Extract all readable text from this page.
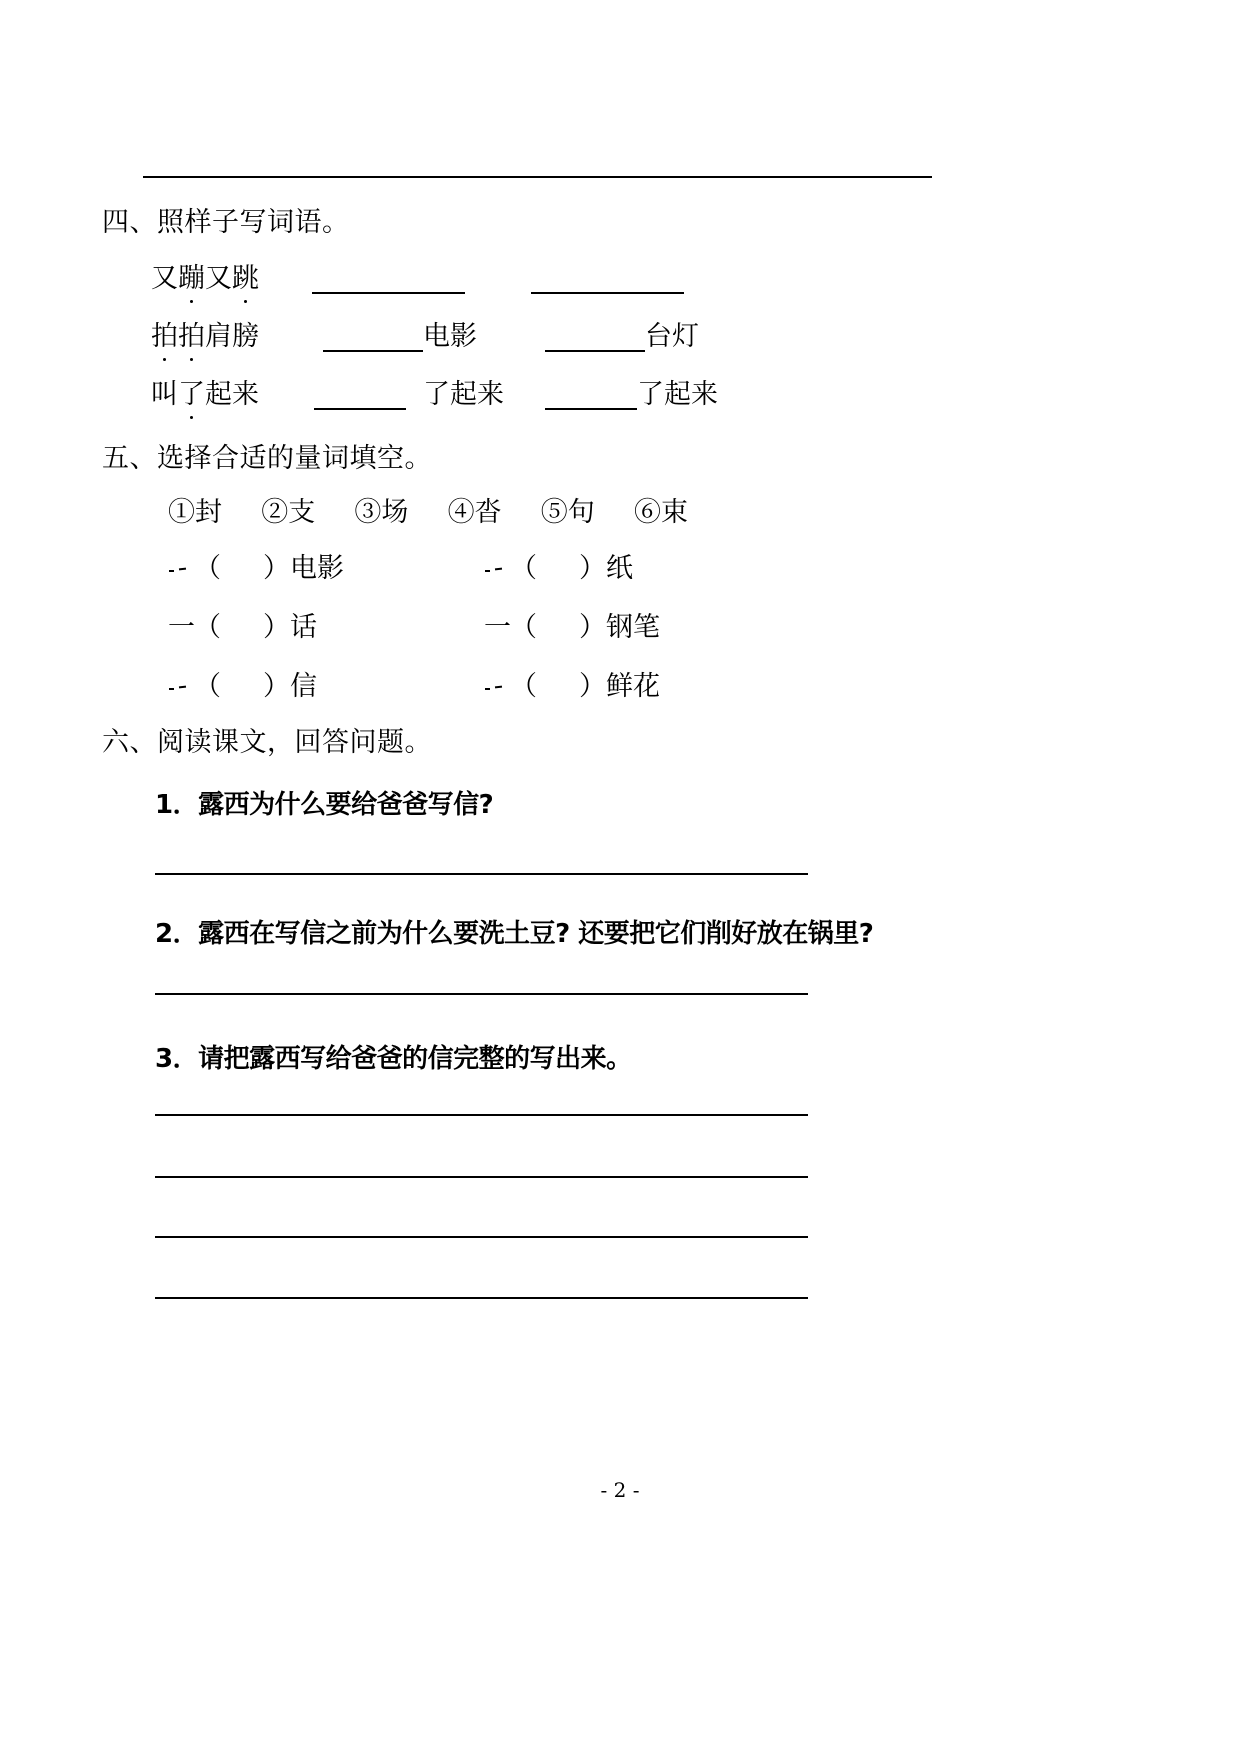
四、照样子写词语。
又蹦又跳
拍拍肩膀	电影	台灯
叫了起来	了起来	了起来
五、选择合适的量词填空。
①封 ②支 ③场 ④沓 ⑤句 ⑥束
（ ）电影	（ ）纸
一（ ）话	一（ ）钢笔
（ ）信	（ ）鲜花
六、阅读课文，回答问题。
1．露西为什么要给爸爸写信?
2．露西在写信之前为什么要洗土豆? 还要把它们削好放在锅里?
3．请把露西写给爸爸的信完整的写出来。
- 2 -
